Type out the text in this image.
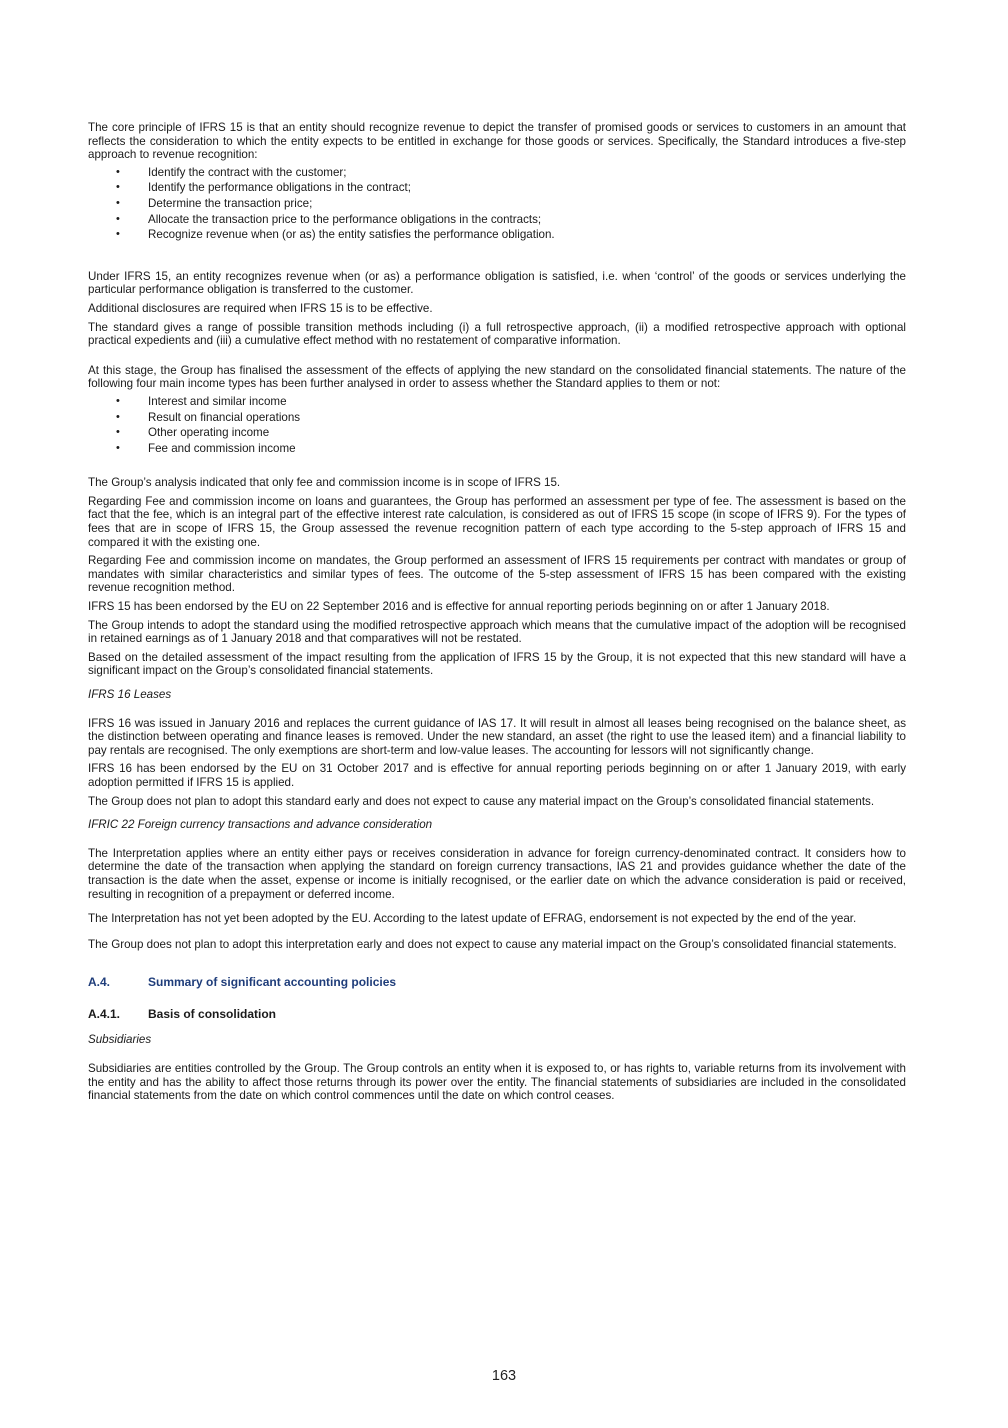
The core principle of IFRS 15 is that an entity should recognize revenue to depict the transfer of promised goods or services to customers in an amount that reflects the consideration to which the entity expects to be entitled in exchange for those goods or services. Specifically, the Standard introduces a five-step approach to revenue recognition:

• Identify the contract with the customer;
• Identify the performance obligations in the contract;
• Determine the transaction price;
• Allocate the transaction price to the performance obligations in the contracts;
• Recognize revenue when (or as) the entity satisfies the performance obligation.

Under IFRS 15, an entity recognizes revenue when (or as) a performance obligation is satisfied, i.e. when ‘control’ of the goods or services underlying the particular performance obligation is transferred to the customer.

Additional disclosures are required when IFRS 15 is to be effective.

The standard gives a range of possible transition methods including (i) a full retrospective approach, (ii) a modified retrospective approach with optional practical expedients and (iii) a cumulative effect method with no restatement of comparative information.

At this stage, the Group has finalised the assessment of the effects of applying the new standard on the consolidated financial statements. The nature of the following four main income types has been further analysed in order to assess whether the Standard applies to them or not:

• Interest and similar income
• Result on financial operations
• Other operating income
• Fee and commission income

The Group’s analysis indicated that only fee and commission income is in scope of IFRS 15.

Regarding Fee and commission income on loans and guarantees, the Group has performed an assessment per type of fee. The assessment is based on the fact that the fee, which is an integral part of the effective interest rate calculation, is considered as out of IFRS 15 scope (in scope of IFRS 9). For the types of fees that are in scope of IFRS 15, the Group assessed the revenue recognition pattern of each type according to the 5-step approach of IFRS 15 and compared it with the existing one.

Regarding Fee and commission income on mandates, the Group performed an assessment of IFRS 15 requirements per contract with mandates or group of mandates with similar characteristics and similar types of fees. The outcome of the 5-step assessment of IFRS 15 has been compared with the existing revenue recognition method.

IFRS 15 has been endorsed by the EU on 22 September 2016 and is effective for annual reporting periods beginning on or after 1 January 2018.

The Group intends to adopt the standard using the modified retrospective approach which means that the cumulative impact of the adoption will be recognised in retained earnings as of 1 January 2018 and that comparatives will not be restated.

Based on the detailed assessment of the impact resulting from the application of IFRS 15 by the Group, it is not expected that this new standard will have a significant impact on the Group’s consolidated financial statements.

IFRS 16 Leases

IFRS 16 was issued in January 2016 and replaces the current guidance of IAS 17. It will result in almost all leases being recognised on the balance sheet, as the distinction between operating and finance leases is removed. Under the new standard, an asset (the right to use the leased item) and a financial liability to pay rentals are recognised. The only exemptions are short-term and low-value leases. The accounting for lessors will not significantly change.

IFRS 16 has been endorsed by the EU on 31 October 2017 and is effective for annual reporting periods beginning on or after 1 January 2019, with early adoption permitted if IFRS 15 is applied.

The Group does not plan to adopt this standard early and does not expect to cause any material impact on the Group’s consolidated financial statements.

IFRIC 22 Foreign currency transactions and advance consideration

The Interpretation applies where an entity either pays or receives consideration in advance for foreign currency-denominated contract. It considers how to determine the date of the transaction when applying the standard on foreign currency transactions, IAS 21 and provides guidance whether the date of the transaction is the date when the asset, expense or income is initially recognised, or the earlier date on which the advance consideration is paid or received, resulting in recognition of a prepayment or deferred income.

The Interpretation has not yet been adopted by the EU. According to the latest update of EFRAG, endorsement is not expected by the end of the year.

The Group does not plan to adopt this interpretation early and does not expect to cause any material impact on the Group’s consolidated financial statements.

A.4.	Summary of significant accounting policies
A.4.1. Basis of consolidation

Subsidiaries

Subsidiaries are entities controlled by the Group. The Group controls an entity when it is exposed to, or has rights to, variable returns from its involvement with the entity and has the ability to affect those returns through its power over the entity. The financial statements of subsidiaries are included in the consolidated financial statements from the date on which control commences until the date on which control ceases.

163
